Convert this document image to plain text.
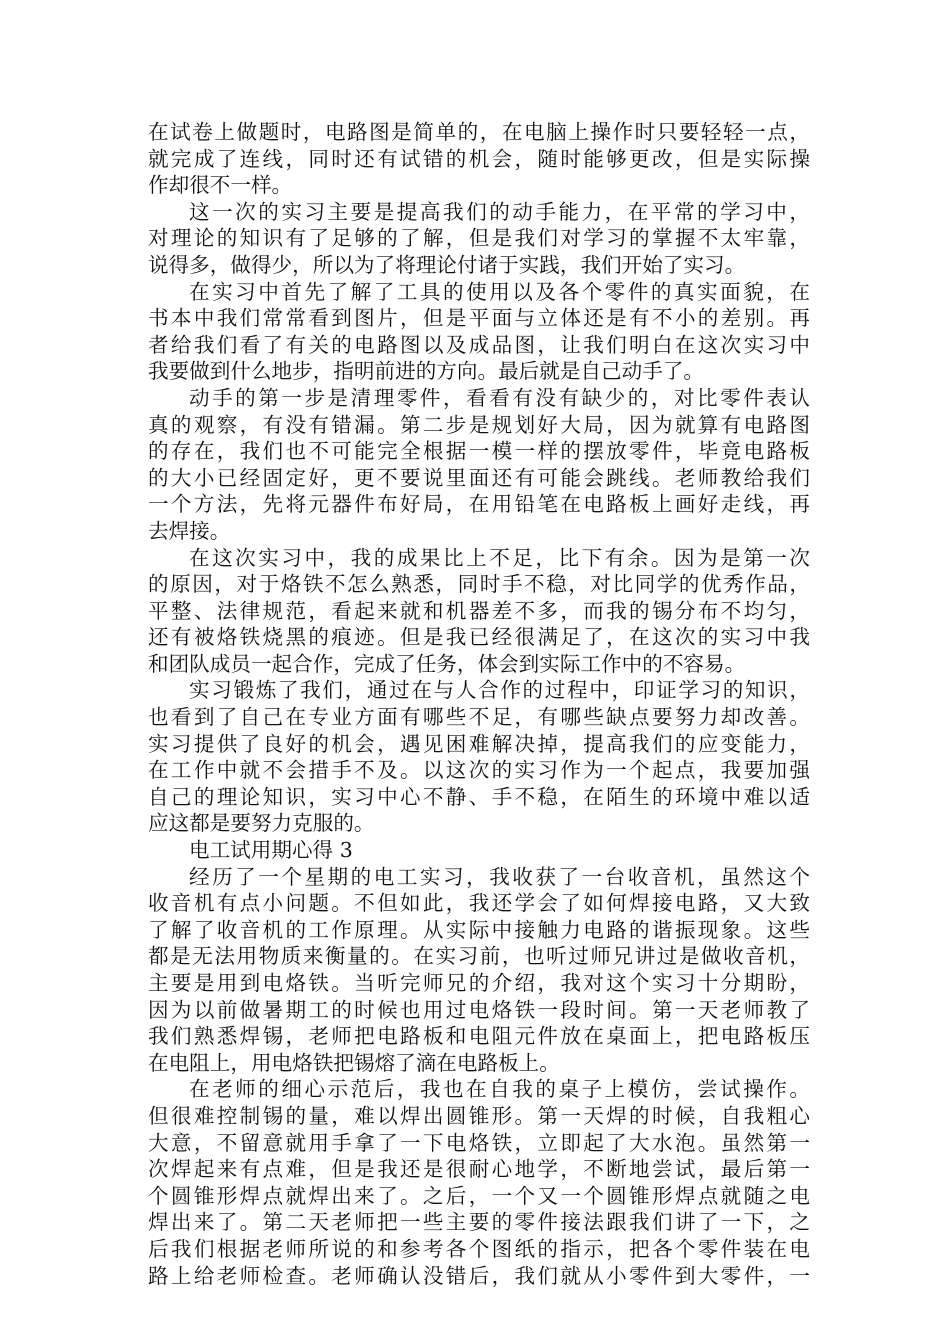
在试卷上做题时，电路图是简单的，在电脑上操作时只要轻轻一点，
就完成了连线，同时还有试错的机会，随时能够更改，但是实际操
作却很不一样。
这一次的实习主要是提高我们的动手能力，在平常的学习中，
对理论的知识有了足够的了解，但是我们对学习的掌握不太牢靠，
说得多，做得少，所以为了将理论付诸于实践，我们开始了实习。
在实习中首先了解了工具的使用以及各个零件的真实面貌，在
书本中我们常常看到图片，但是平面与立体还是有不小的差别。再
者给我们看了有关的电路图以及成品图，让我们明白在这次实习中
我要做到什么地步，指明前进的方向。最后就是自己动手了。
动手的第一步是清理零件，看看有没有缺少的，对比零件表认
真的观察，有没有错漏。第二步是规划好大局，因为就算有电路图
的存在，我们也不可能完全根据一模一样的摆放零件，毕竟电路板
的大小已经固定好，更不要说里面还有可能会跳线。老师教给我们
一个方法，先将元器件布好局，在用铅笔在电路板上画好走线，再
去焊接。
在这次实习中，我的成果比上不足，比下有余。因为是第一次
的原因，对于烙铁不怎么熟悉，同时手不稳，对比同学的优秀作品，
平整、法律规范，看起来就和机器差不多，而我的锡分布不均匀，
还有被烙铁烧黑的痕迹。但是我已经很满足了，在这次的实习中我
和团队成员一起合作，完成了任务，体会到实际工作中的不容易。
实习锻炼了我们，通过在与人合作的过程中，印证学习的知识，
也看到了自己在专业方面有哪些不足，有哪些缺点要努力却改善。
实习提供了良好的机会，遇见困难解决掉，提高我们的应变能力，
在工作中就不会措手不及。以这次的实习作为一个起点，我要加强
自己的理论知识，实习中心不静、手不稳，在陌生的环境中难以适
应这都是要努力克服的。
电工试用期心得 3
经历了一个星期的电工实习，我收获了一台收音机，虽然这个
收音机有点小问题。不但如此，我还学会了如何焊接电路，又大致
了解了收音机的工作原理。从实际中接触力电路的谐振现象。这些
都是无法用物质来衡量的。在实习前，也听过师兄讲过是做收音机，
主要是用到电烙铁。当听完师兄的介绍，我对这个实习十分期盼，
因为以前做暑期工的时候也用过电烙铁一段时间。第一天老师教了
我们熟悉焊锡，老师把电路板和电阻元件放在桌面上，把电路板压
在电阻上，用电烙铁把锡熔了滴在电路板上。
在老师的细心示范后，我也在自我的桌子上模仿，尝试操作。
但很难控制锡的量，难以焊出圆锥形。第一天焊的时候，自我粗心
大意，不留意就用手拿了一下电烙铁，立即起了大水泡。虽然第一
次焊起来有点难，但是我还是很耐心地学，不断地尝试，最后第一
个圆锥形焊点就焊出来了。之后，一个又一个圆锥形焊点就随之电
焊出来了。第二天老师把一些主要的零件接法跟我们讲了一下，之
后我们根据老师所说的和参考各个图纸的指示，把各个零件装在电
路上给老师检查。老师确认没错后，我们就从小零件到大零件，一
